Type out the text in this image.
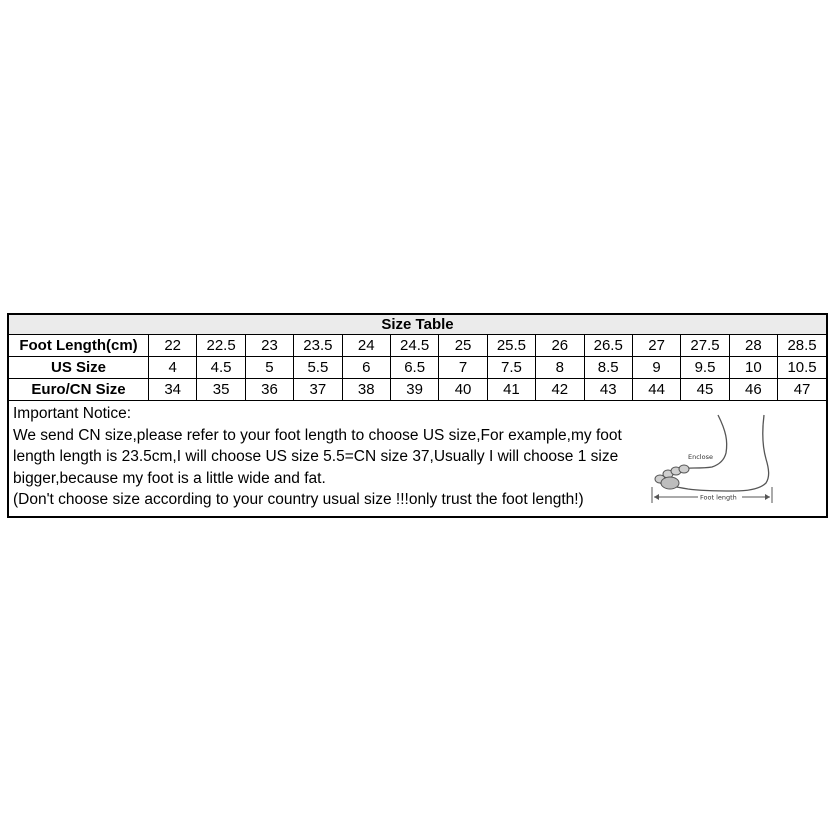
Size Table
Foot Length(cm)	22	22.5	23	23.5	24	24.5	25	25.5	26	26.5	27	27.5	28	28.5
US Size	4	4.5	5	5.5	6	6.5	7	7.5	8	8.5	9	9.5	10	10.5
Euro/CN Size	34	35	36	37	38	39	40	41	42	43	44	45	46	47
Important Notice:
We send CN size,please refer to your foot length to choose US size,For example,my foot
length length is 23.5cm,I will choose US size 5.5=CN size 37,Usually I will choose 1 size
bigger,because my foot is a little wide and fat.
(Don't choose size according to your country usual size !!!only trust the foot length!)
Enclose
Foot length
